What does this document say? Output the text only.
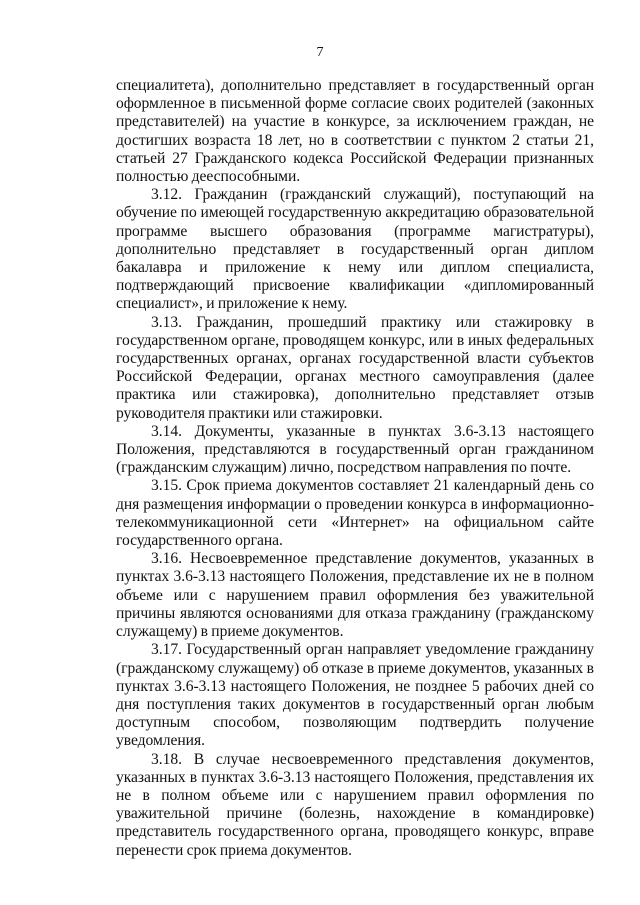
7

специалитета), дополнительно представляет в государственный орган оформленное в письменной форме согласие своих родителей (законных представителей) на участие в конкурсе, за исключением граждан, не достигших возраста 18 лет, но в соответствии с пунктом 2 статьи 21, статьей 27 Гражданского кодекса Российской Федерации признанных полностью дееспособными.

3.12. Гражданин (гражданский служащий), поступающий на обучение по имеющей государственную аккредитацию образовательной программе высшего образования (программе магистратуры), дополнительно представляет в государственный орган диплом бакалавра и приложение к нему или диплом специалиста, подтверждающий присвоение квалификации «дипломированный специалист», и приложение к нему.

3.13. Гражданин, прошедший практику или стажировку в государственном органе, проводящем конкурс, или в иных федеральных государственных органах, органах государственной власти субъектов Российской Федерации, органах местного самоуправления (далее практика или стажировка), дополнительно представляет отзыв руководителя практики или стажировки.

3.14. Документы, указанные в пунктах 3.6-3.13 настоящего Положения, представляются в государственный орган гражданином (гражданским служащим) лично, посредством направления по почте.

3.15. Срок приема документов составляет 21 календарный день со дня размещения информации о проведении конкурса в информационно-телекоммуникационной сети «Интернет» на официальном сайте государственного органа.

3.16. Несвоевременное представление документов, указанных в пунктах 3.6-3.13 настоящего Положения, представление их не в полном объеме или с нарушением правил оформления без уважительной причины являются основаниями для отказа гражданину (гражданскому служащему) в приеме документов.

3.17. Государственный орган направляет уведомление гражданину (гражданскому служащему) об отказе в приеме документов, указанных в пунктах 3.6-3.13 настоящего Положения, не позднее 5 рабочих дней со дня поступления таких документов в государственный орган любым доступным способом, позволяющим подтвердить получение уведомления.

3.18. В случае несвоевременного представления документов, указанных в пунктах 3.6-3.13 настоящего Положения, представления их не в полном объеме или с нарушением правил оформления по уважительной причине (болезнь, нахождение в командировке) представитель государственного органа, проводящего конкурс, вправе перенести срок приема документов.
